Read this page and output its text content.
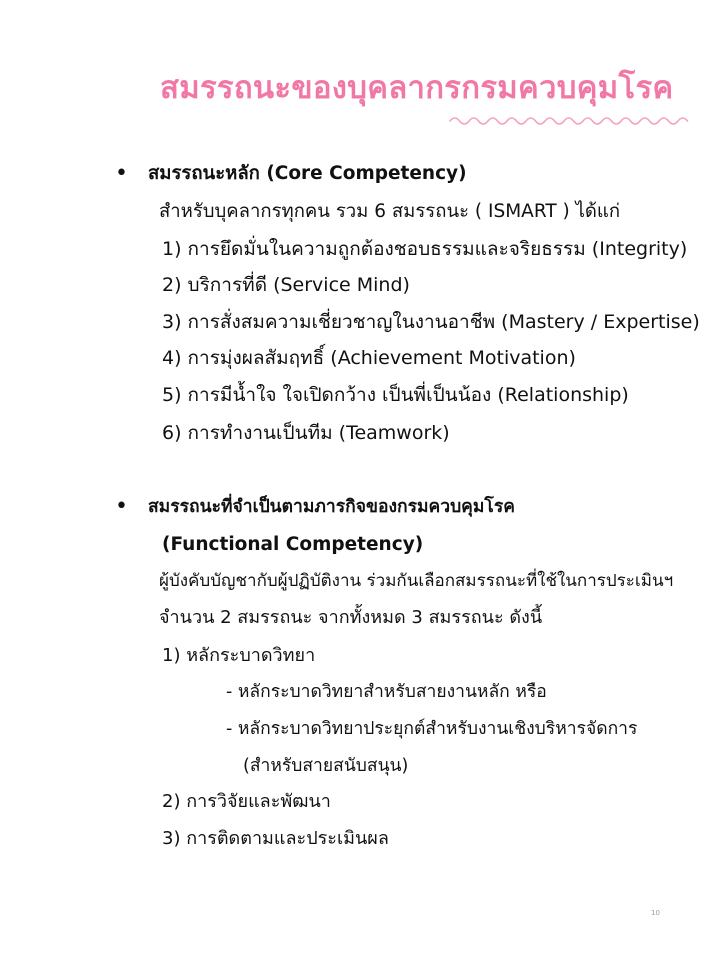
สมรรถนะของบุคลากรกรมควบคุมโรค
• สมรรถนะหลัก (Core Competency)
สำหรับบุคลากรทุกคน รวม 6 สมรรถนะ ( ISMART ) ได้แก่
1) การยึดมั่นในความถูกต้องชอบธรรมและจริยธรรม (Integrity)
2) บริการที่ดี (Service Mind)
3) การสั่งสมความเชี่ยวชาญในงานอาชีพ (Mastery / Expertise)
4) การมุ่งผลสัมฤทธิ์ (Achievement Motivation)
5) การมีน้ำใจ ใจเปิดกว้าง เป็นพี่เป็นน้อง (Relationship)
6) การทำงานเป็นทีม (Teamwork)
• สมรรถนะที่จำเป็นตามภารกิจของกรมควบคุมโรค
(Functional Competency)
ผู้บังคับบัญชากับผู้ปฏิบัติงาน ร่วมกันเลือกสมรรถนะที่ใช้ในการประเมินฯ
จำนวน 2 สมรรถนะ จากทั้งหมด 3 สมรรถนะ ดังนี้
1) หลักระบาดวิทยา
- หลักระบาดวิทยาสำหรับสายงานหลัก หรือ
- หลักระบาดวิทยาประยุกต์สำหรับงานเชิงบริหารจัดการ
(สำหรับสายสนับสนุน)
2) การวิจัยและพัฒนา
3) การติดตามและประเมินผล
10
